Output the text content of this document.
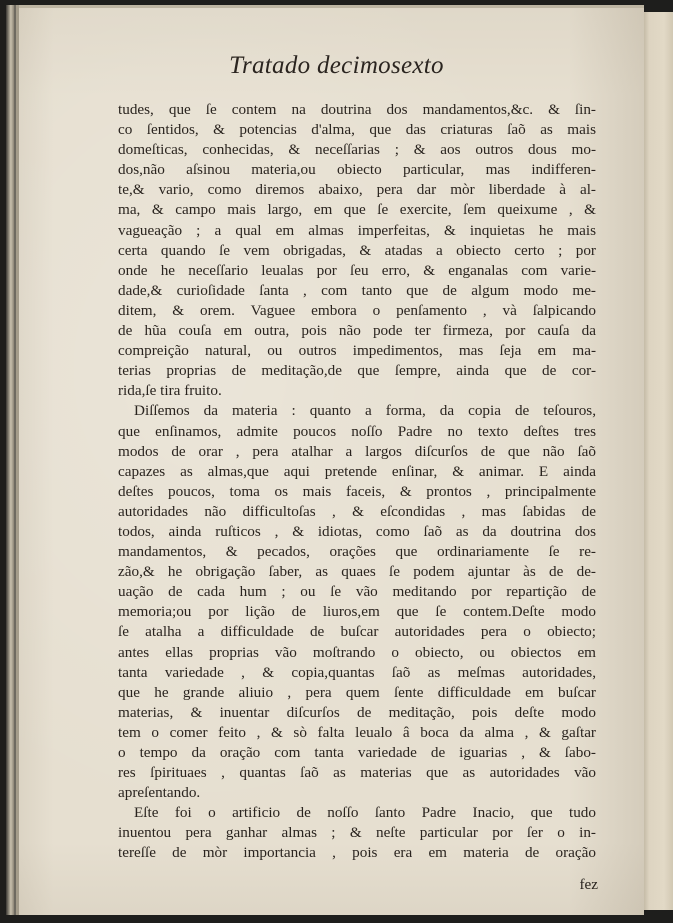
Tratado decimosexto
tudes, que ſe contem na doutrina dos mandamentos,&c. & ſin-
co ſentidos, & potencias d'alma, que das criaturas ſaõ as mais
domeſticas, conhecidas, & neceſſarias ; & aos outros dous mo-
dos,não aſsinou materia,ou obiecto particular, mas indifferen-
te,& vario, como diremos abaixo, pera dar mòr liberdade à al-
ma, & campo mais largo, em que ſe exercite, ſem queixume , &
vagueação ; a qual em almas imperfeitas, & inquietas he mais
certa quando ſe vem obrigadas, & atadas a obiecto certo ; por
onde he neceſſario leualas por ſeu erro, & enganalas com varie-
dade,& curioſidade ſanta , com tanto que de algum modo me-
ditem, & orem. Vaguee embora o penſamento , và ſalpicando
de hũa couſa em outra, pois não pode ter firmeza, por cauſa da
compreição natural, ou outros impedimentos, mas ſeja em ma-
terias proprias de meditação,de que ſempre, ainda que de cor-
rida,ſe tira fruito.
Diſſemos da materia : quanto a forma, da copia de teſouros,
que enſinamos, admite poucos noſſo Padre no texto deſtes tres
modos de orar , pera atalhar a largos diſcurſos de que não ſaõ
capazes as almas,que aqui pretende enſinar, & animar. E ainda
deſtes poucos, toma os mais faceis, & prontos , principalmente
autoridades não difficultoſas , & eſcondidas , mas ſabidas de
todos, ainda ruſticos , & idiotas, como ſaõ as da doutrina dos
mandamentos, & pecados, orações que ordinariamente ſe re-
zão,& he obrigação ſaber, as quaes ſe podem ajuntar às de de-
uação de cada hum ; ou ſe vão meditando por repartição de
memoria;ou por lição de liuros,em que ſe contem.Deſte modo
ſe atalha a difficuldade de buſcar autoridades pera o obiecto;
antes ellas proprias vão moſtrando o obiecto, ou obiectos em
tanta variedade , & copia,quantas ſaõ as meſmas autoridades,
que he grande aliuio , pera quem ſente difficuldade em buſcar
materias, & inuentar diſcurſos de meditação, pois deſte modo
tem o comer feito , & sò falta leualo â boca da alma , & gaſtar
o tempo da oração com tanta variedade de iguarias , & ſabo-
res ſpirituaes , quantas ſaõ as materias que as autoridades vão
apreſentando.
Eſte foi o artificio de noſſo ſanto Padre Inacio, que tudo
inuentou pera ganhar almas ; & neſte particular por ſer o in-
tereſſe de mòr importancia , pois era em materia de oração
fez
